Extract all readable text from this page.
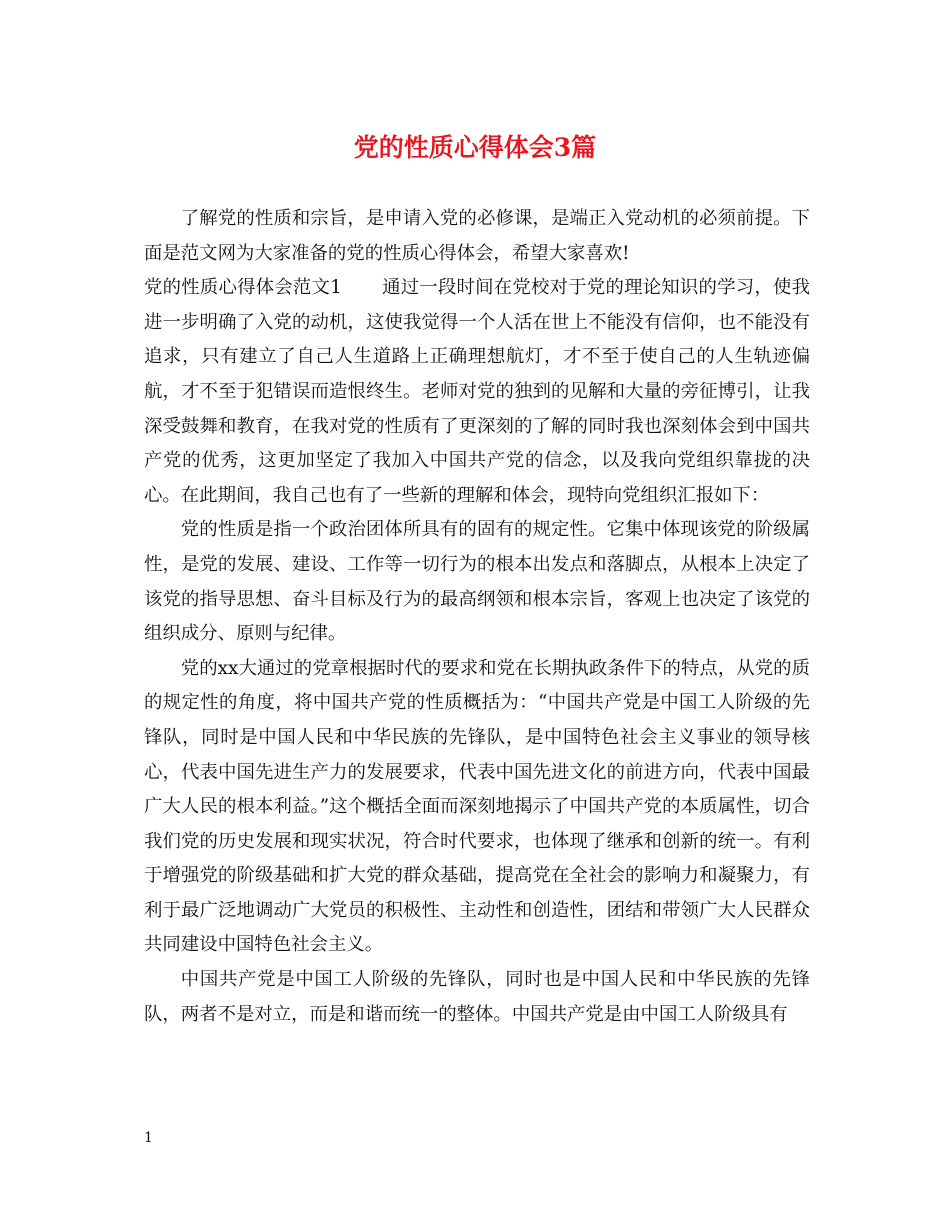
党的性质心得体会3篇

了解党的性质和宗旨，是申请入党的必修课，是端正入党动机的必须前提。下面是范文网为大家准备的党的性质心得体会，希望大家喜欢!

党的性质心得体会范文1 通过一段时间在党校对于党的理论知识的学习，使我进一步明确了入党的动机，这使我觉得一个人活在世上不能没有信仰，也不能没有追求，只有建立了自己人生道路上正确理想航灯，才不至于使自己的人生轨迹偏航，才不至于犯错误而造恨终生。老师对党的独到的见解和大量的旁征博引，让我深受鼓舞和教育，在我对党的性质有了更深刻的了解的同时我也深刻体会到中国共产党的优秀，这更加坚定了我加入中国共产党的信念，以及我向党组织靠拢的决心。在此期间，我自己也有了一些新的理解和体会，现特向党组织汇报如下：

党的性质是指一个政治团体所具有的固有的规定性。它集中体现该党的阶级属性，是党的发展、建设、工作等一切行为的根本出发点和落脚点，从根本上决定了该党的指导思想、奋斗目标及行为的最高纲领和根本宗旨，客观上也决定了该党的组织成分、原则与纪律。

党的xx大通过的党章根据时代的要求和党在长期执政条件下的特点，从党的质的规定性的角度，将中国共产党的性质概括为：“中国共产党是中国工人阶级的先锋队，同时是中国人民和中华民族的先锋队，是中国特色社会主义事业的领导核心，代表中国先进生产力的发展要求，代表中国先进文化的前进方向，代表中国最广大人民的根本利益。”这个概括全面而深刻地揭示了中国共产党的本质属性，切合我们党的历史发展和现实状况，符合时代要求，也体现了继承和创新的统一。有利于增强党的阶级基础和扩大党的群众基础，提高党在全社会的影响力和凝聚力，有利于最广泛地调动广大党员的积极性、主动性和创造性，团结和带领广大人民群众共同建设中国特色社会主义。

中国共产党是中国工人阶级的先锋队，同时也是中国人民和中华民族的先锋队，两者不是对立，而是和谐而统一的整体。中国共产党是由中国工人阶级具有

1
